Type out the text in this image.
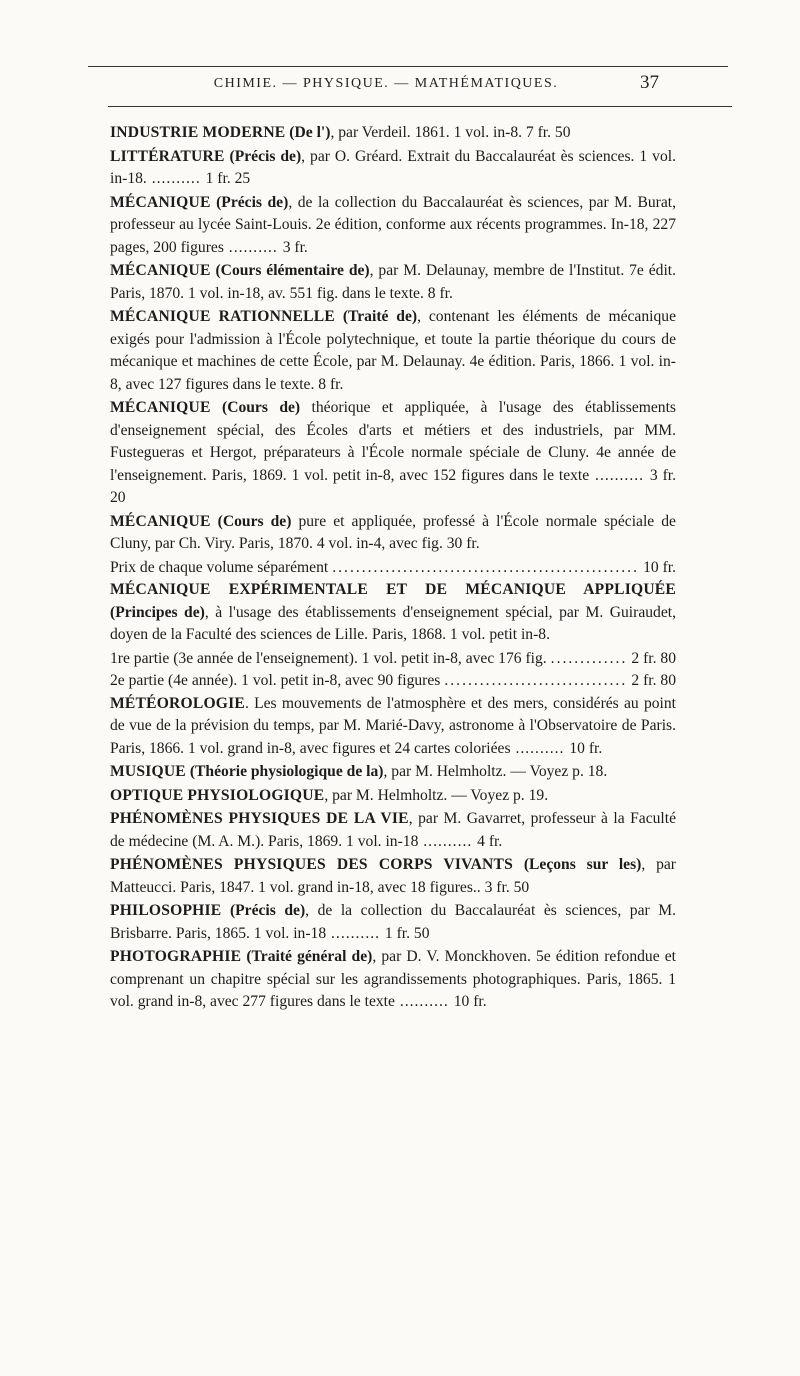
CHIMIE. — PHYSIQUE. — MATHÉMATIQUES.	37
INDUSTRIE MODERNE (De l'), par Verdeil. 1861. 1 vol. in-8. 7 fr. 50
LITTÉRATURE (Précis de), par O. Gréard. Extrait du Baccalauréat ès sciences. 1 vol. in-18. .......... 1 fr. 25
MÉCANIQUE (Précis de), de la collection du Baccalauréat ès sciences, par M. Burat, professeur au lycée Saint-Louis. 2e édition, conforme aux récents programmes. In-18, 227 pages, 200 figures .......... 3 fr.
MÉCANIQUE (Cours élémentaire de), par M. Delaunay, membre de l'Institut. 7e édit. Paris, 1870. 1 vol. in-18, av. 551 fig. dans le texte. 8 fr.
MÉCANIQUE RATIONNELLE (Traité de), contenant les éléments de mécanique exigés pour l'admission à l'École polytechnique, et toute la partie théorique du cours de mécanique et machines de cette École, par M. Delaunay. 4e édition. Paris, 1866. 1 vol. in-8, avec 127 figures dans le texte. 8 fr.
MÉCANIQUE (Cours de) théorique et appliquée, à l'usage des établissements d'enseignement spécial, des Écoles d'arts et métiers et des industriels, par MM. Fustegueras et Hergot, préparateurs à l'École normale spéciale de Cluny. 4e année de l'enseignement. Paris, 1869. 1 vol. petit in-8, avec 152 figures dans le texte .......... 3 fr. 20
MÉCANIQUE (Cours de) pure et appliquée, professé à l'École normale spéciale de Cluny, par Ch. Viry. Paris, 1870. 4 vol. in-4, avec fig. 30 fr.
Prix de chaque volume séparément .....	10 fr.
MÉCANIQUE EXPÉRIMENTALE ET DE MÉCANIQUE APPLIQUÉE (Principes de), à l'usage des établissements d'enseignement spécial, par M. Guiraudet, doyen de la Faculté des sciences de Lille. Paris, 1868. 1 vol. petit in-8.
1re partie (3e année de l'enseignement). 1 vol. petit in-8, avec 176 fig. .....	2 fr. 80
2e partie (4e année). 1 vol. petit in-8, avec 90 figures .....	2 fr. 80
MÉTÉOROLOGIE. Les mouvements de l'atmosphère et des mers, considérés au point de vue de la prévision du temps, par M. Marié-Davy, astronome à l'Observatoire de Paris. Paris, 1866. 1 vol. grand in-8, avec figures et 24 cartes coloriées .......... 10 fr.
MUSIQUE (Théorie physiologique de la), par M. Helmholtz. — Voyez p. 18.
OPTIQUE PHYSIOLOGIQUE, par M. Helmholtz. — Voyez p. 19.
PHÉNOMÈNES PHYSIQUES DE LA VIE, par M. Gavarret, professeur à la Faculté de médecine (M. A. M.). Paris, 1869. 1 vol. in-18 .......... 4 fr.
PHÉNOMÈNES PHYSIQUES DES CORPS VIVANTS (Leçons sur les), par Matteucci. Paris, 1847. 1 vol. grand in-18, avec 18 figures.. 3 fr. 50
PHILOSOPHIE (Précis de), de la collection du Baccalauréat ès sciences, par M. Brisbarre. Paris, 1865. 1 vol. in-18 .......... 1 fr. 50
PHOTOGRAPHIE (Traité général de), par D. V. Monckhoven. 5e édition refondue et comprenant un chapitre spécial sur les agrandissements photographiques. Paris, 1865. 1 vol. grand in-8, avec 277 figures dans le texte .......... 10 fr.
